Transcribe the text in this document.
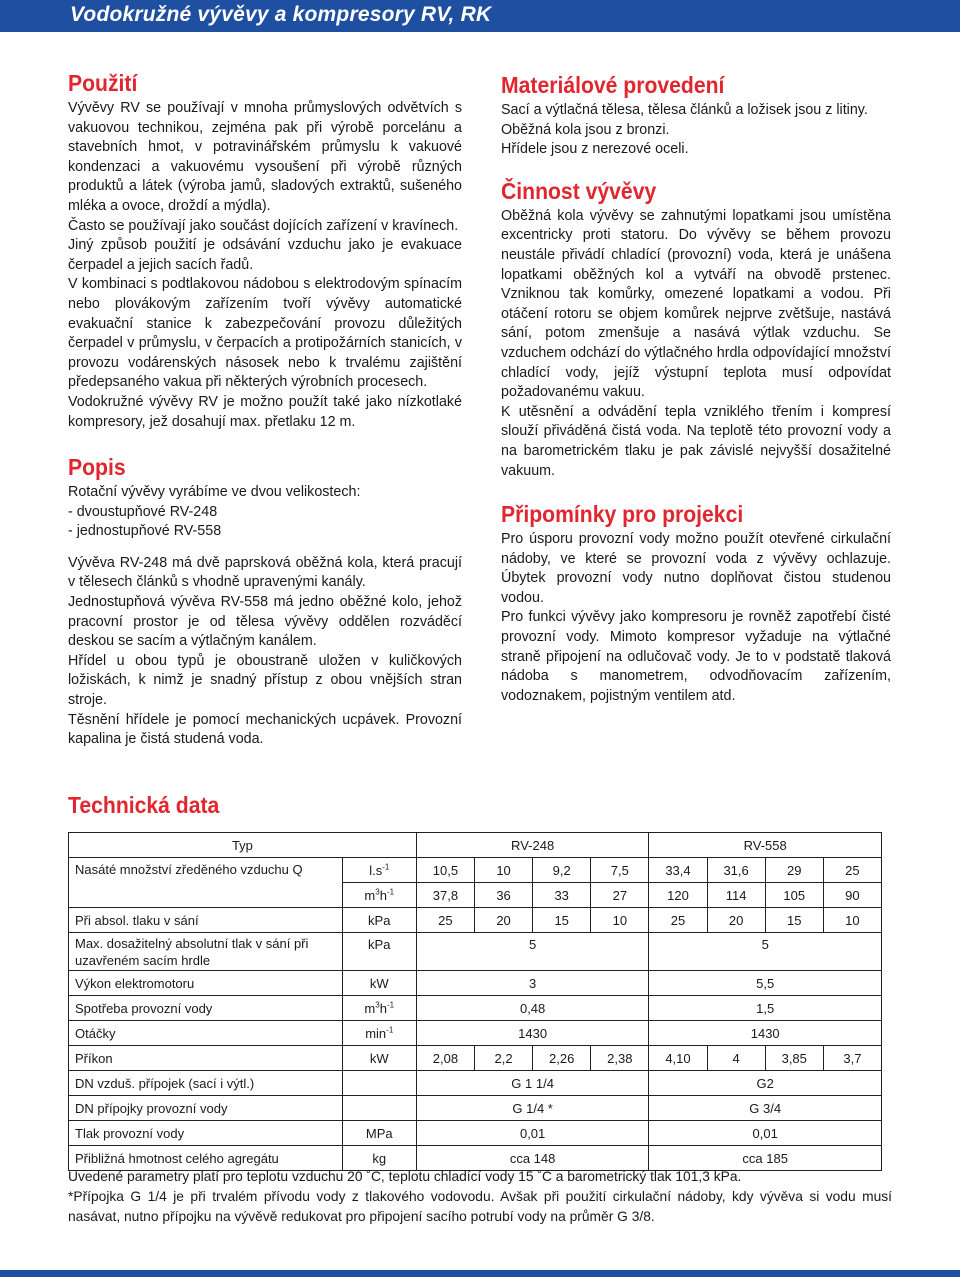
Vodokružné vývěvy a kompresory RV, RK
Použití

Vývěvy RV se používají v mnoha průmyslových odvětvích s vakuovou technikou, zejména pak při výrobě porcelánu a stavebních hmot, v potravinářském průmyslu k vakuové kondenzaci a vakuovému vysoušení při výrobě různých produktů a látek (výroba jamů, sladových extraktů, sušeného mléka a ovoce, droždí a mýdla).

Často se používají jako součást dojících zařízení v kravínech.

Jiný způsob použití je odsávání vzduchu jako je evakuace čerpadel a jejich sacích řadů.

V kombinaci s podtlakovou nádobou s elektrodovým spínacím nebo plovákovým zařízením tvoří vývěvy automatické evakuační stanice k zabezpečování provozu důležitých čerpadel v průmyslu, v čerpacích a protipožárních stanicích, v provozu vodárenských násosek nebo k trvalému zajištění předepsaného vakua při některých výrobních procesech.

Vodokružné vývěvy RV je možno použít také jako nízkotlaké kompresory, jež dosahují max. přetlaku 12 m.

Popis

Rotační vývěvy vyrábíme ve dvou velikostech:

- dvoustupňové RV-248

- jednostupňové RV-558

Vývěva RV-248 má dvě paprsková oběžná kola, která pracují v tělesech článků s vhodně upravenými kanály.

Jednostupňová vývěva RV-558 má jedno oběžné kolo, jehož pracovní prostor je od tělesa vývěvy oddělen rozváděcí deskou se sacím a výtlačným kanálem.

Hřídel u obou typů je oboustraně uložen v kuličkových ložiskách, k nimž je snadný přístup z obou vnějších stran stroje.

Těsnění hřídele je pomocí mechanických ucpávek. Provozní kapalina je čistá studená voda.

Materiálové provedení

Sací a výtlačná tělesa, tělesa článků a ložisek jsou z litiny.

Oběžná kola jsou z bronzi.

Hřídele jsou z nerezové oceli.

Činnost vývěvy

Oběžná kola vývěvy se zahnutými lopatkami jsou umístěna excentricky proti statoru. Do vývěvy se během provozu neustále přivádí chladící (provozní) voda, která je unášena lopatkami oběžných kol a vytváří na obvodě prstenec. Vzniknou tak komůrky, omezené lopatkami a vodou. Při otáčení rotoru se objem komůrek nejprve zvětšuje, nastává sání, potom zmenšuje a nasává výtlak vzduchu. Se vzduchem odchází do výtlačného hrdla odpovídající množství chladící vody, jejíž výstupní teplota musí odpovídat požadovanému vakuu.

K utěsnění a odvádění tepla vzniklého třením i kompresí slouží přiváděná čistá voda. Na teplotě této provozní vody a na barometrickém tlaku je pak závislé nejvyšší dosažitelné vakuum.

Připomínky pro projekci

Pro úsporu provozní vody možno použít otevřené cirkulační nádoby, ve které se provozní voda z vývěvy ochlazuje. Úbytek provozní vody nutno doplňovat čistou studenou vodou.

Pro funkci vývěvy jako kompresoru je rovněž zapotřebí čisté provozní vody. Mimoto kompresor vyžaduje na výtlačné straně připojení na odlučovač vody. Je to v podstatě tlaková nádoba s manometrem, odvodňovacím zařízením, vodoznakem, pojistným ventilem atd.

Technická data
Typ		RV-248				RV-558			
Nasáté množství zředěného vzduchu Q	$l.s^{-1}$	10,5	10	9,2	7,5	33,4	31,6	29	25
	$m^3h^{-1}$	37,8	36	33	27	120	114	105	90
Při absol. tlaku v sání	kPa	25	20	15	10	25	20	15	10
Max. dosažitelný absolutní tlak v sání při uzavřeném sacím hrdle	kPa	5				5			
Výkon elektromotoru	kW	3				5,5			
Spotřeba provozní vody	$m^3h^{-1}$	0,48				1,5			
Otáčky	$\min^{-1}$	1430				1430			
Příkon	kW	2,08	2,2	2,26	2,38	4,10	4	3,85	3,7
DN vzduš. přípojek (sací i výtl.)		G 1 1/4				G2			
DN přípojky provozní vody		G 1/4 *				G 3/4			
Tlak provozní vody	MPa	0,01				0,01			
Přibližná hmotnost celého agregátu	kg	cca 148				cca 185			

Uvedené parametry platí pro teplotu vzduchu 20 ˚C, teplotu chladící vody 15 ˚C a barometrický tlak 101,3 kPa.

*Přípojka G 1/4 je při trvalém přívodu vody z tlakového vodovodu. Avšak při použití cirkulační nádoby, kdy vývěva si vodu musí nasávat, nutno přípojku na vývěvě redukovat pro připojení sacího potrubí vody na průměr G 3/8.
